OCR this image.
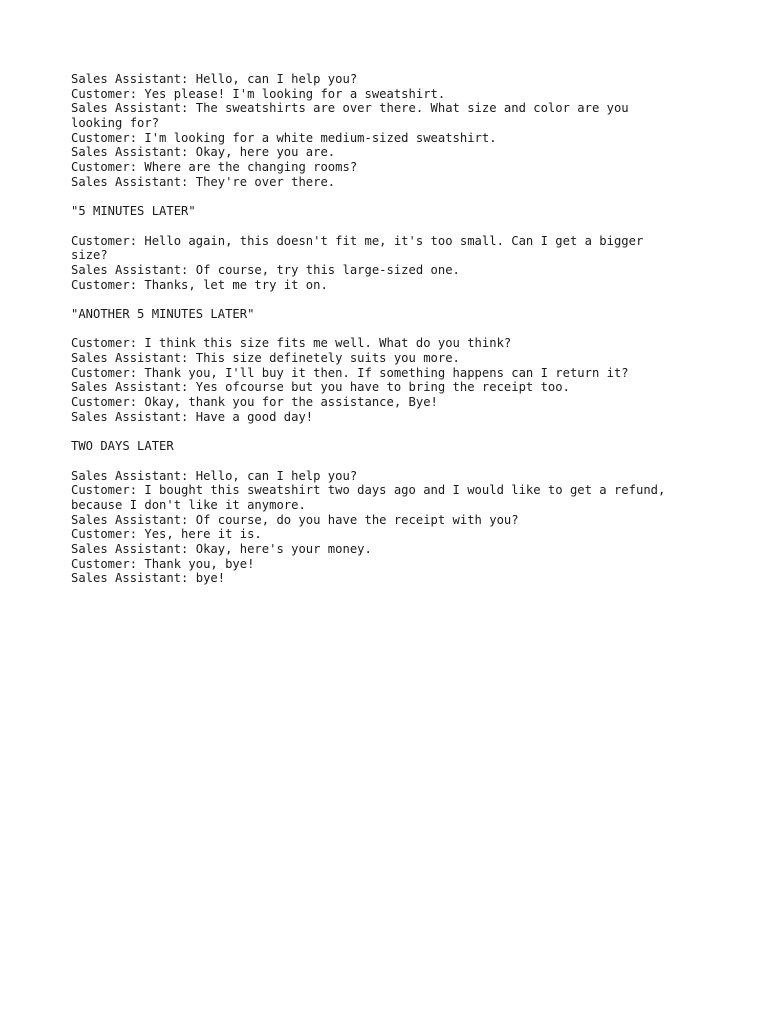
Sales Assistant: Hello, can I help you?
Customer: Yes please! I'm looking for a sweatshirt.
Sales Assistant: The sweatshirts are over there. What size and color are you
looking for?
Customer: I'm looking for a white medium-sized sweatshirt.
Sales Assistant: Okay, here you are.
Customer: Where are the changing rooms?
Sales Assistant: They're over there.
"5 MINUTES LATER"
Customer: Hello again, this doesn't fit me, it's too small. Can I get a bigger
size?
Sales Assistant: Of course, try this large-sized one.
Customer: Thanks, let me try it on.
"ANOTHER 5 MINUTES LATER"
Customer: I think this size fits me well. What do you think?
Sales Assistant: This size definetely suits you more.
Customer: Thank you, I'll buy it then. If something happens can I return it?
Sales Assistant: Yes ofcourse but you have to bring the receipt too.
Customer: Okay, thank you for the assistance, Bye!
Sales Assistant: Have a good day!
TWO DAYS LATER
Sales Assistant: Hello, can I help you?
Customer: I bought this sweatshirt two days ago and I would like to get a refund,
because I don't like it anymore.
Sales Assistant: Of course, do you have the receipt with you?
Customer: Yes, here it is.
Sales Assistant: Okay, here's your money.
Customer: Thank you, bye!
Sales Assistant: bye!
